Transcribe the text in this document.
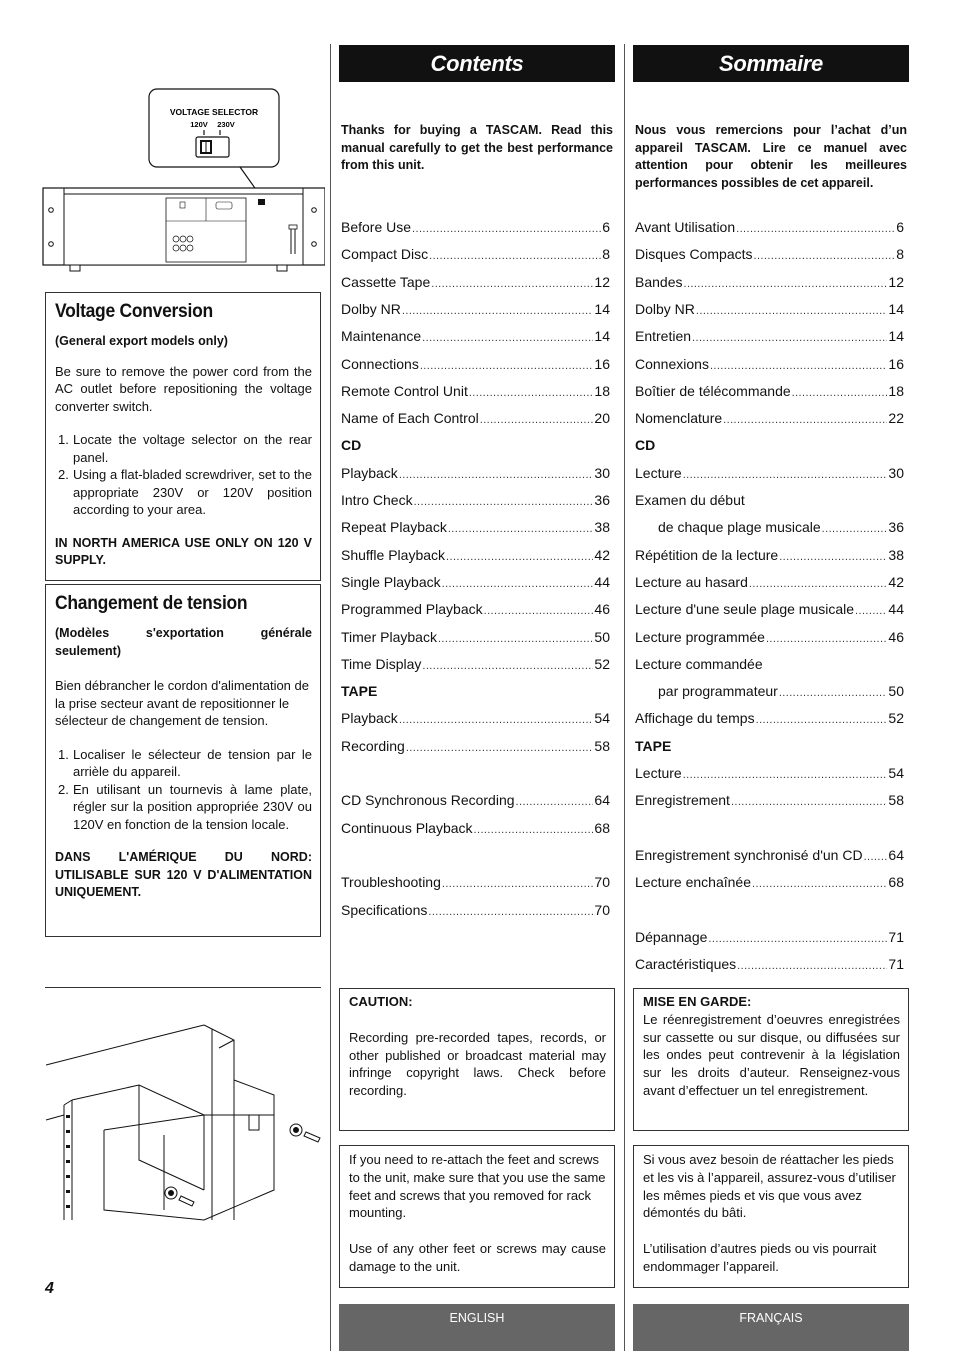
VOLTAGE SELECTOR
120V 230V
Voltage Conversion
(General export models only)

Be sure to remove the power cord from the AC outlet before repositioning the voltage converter switch.

1. Locate the voltage selector on the rear panel.
2. Using a flat-bladed screwdriver, set to the appropriate 230V or 120V position according to your area.
IN NORTH AMERICA USE ONLY ON 120 V SUPPLY.
Changement de tension
(Modèles s'exportation générale seulement)

Bien débrancher le cordon d'alimentation de la prise secteur avant de repositionner le sélecteur de changement de tension.

1. Localiser le sélecteur de tension par le arrièle du appareil.
2. En utilisant un tournevis à lame plate, régler sur la position appropriée 230V ou 120V en fonction de la tension locale.
DANS L'AMÉRIQUE DU NORD: UTILISABLE SUR 120 V D'ALIMENTATION UNIQUEMENT.
4
Contents
Thanks for buying a TASCAM. Read this manual carefully to get the best performance from this unit.
Before Use .....	6
Compact Disc .....	8
Cassette Tape .....	12
Dolby NR .....	14
Maintenance .....	14
Connections .....	16
Remote Control Unit .....	18
Name of Each Control .....	20
CD
Playback .....	30
Intro Check .....	36
Repeat Playback .....	38
Shuffle Playback .....	42
Single Playback .....	44
Programmed Playback .....	46
Timer Playback .....	50
Time Display .....	52
TAPE
Playback .....	54
Recording .....	58
CD Synchronous Recording .....	64
Continuous Playback .....	68
Troubleshooting .....	70
Specifications .....	70
CAUTION:
Recording pre-recorded tapes, records, or other published or broadcast material may infringe copyright laws. Check before recording.
If you need to re-attach the feet and screws to the unit, make sure that you use the same feet and screws that you removed for rack mounting.
Use of any other feet or screws may cause damage to the unit.
ENGLISH
Sommaire
Nous vous remercions pour l’achat d’un appareil TASCAM. Lire ce manuel avec attention pour obtenir les meilleures performances possibles de cet appareil.
Avant Utilisation .....	6
Disques Compacts .....	8
Bandes .....	12
Dolby NR .....	14
Entretien .....	14
Connexions .....	16
Boîtier de télécommande .....	18
Nomenclature .....	22
CD
Lecture .....	30
Examen du début
de chaque plage musicale .....	36
Répétition de la lecture .....	38
Lecture au hasard .....	42
Lecture d'une seule plage musicale ..... 44
Lecture programmée .....	46
Lecture commandée
par programmateur .....	50
Affichage du temps .....	52
TAPE
Lecture .....	54
Enregistrement .....	58
Enregistrement synchronisé d'un CD ..... 64
Lecture enchaînée .....	68
Dépannage .....	71
Caractéristiques .....	71
MISE EN GARDE:
Le réenregistrement d’oeuvres enregistrées sur cassette ou sur disque, ou diffusées sur les ondes peut contrevenir à la législation sur les droits d’auteur. Renseignez-vous avant d’effectuer un tel enregistrement.
Si vous avez besoin de réattacher les pieds et les vis à l’appareil, assurez-vous d’utiliser les mêmes pieds et vis que vous avez démontés du bâti.
L’utilisation d’autres pieds ou vis pourrait endommager l’appareil.
FRANÇAIS
